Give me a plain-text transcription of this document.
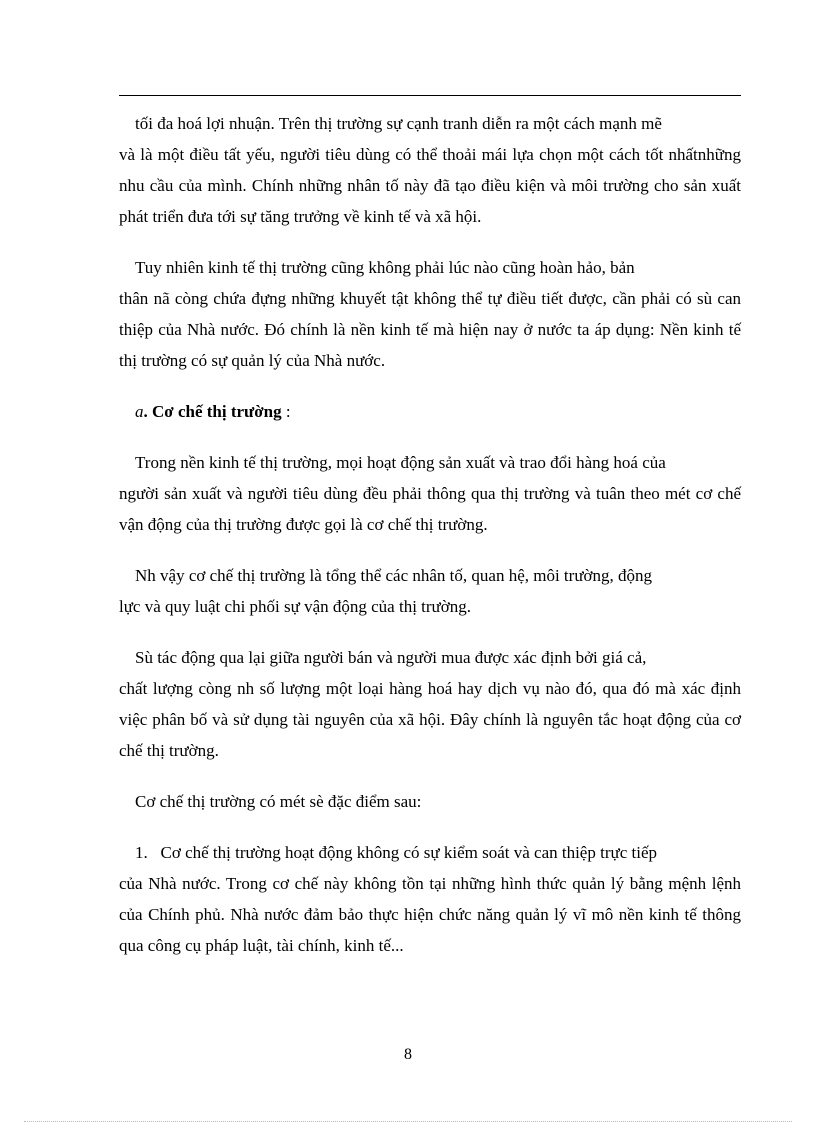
tối đa hoá lợi nhuận. Trên thị trường sự cạnh tranh diễn ra một cách mạnh mẽ
và là một điều tất yếu, người tiêu dùng có thể thoải mái lựa chọn một cách tốt nhấtnhững nhu cầu của mình. Chính những nhân tố này đã tạo điều kiện và môi trường cho sản xuất phát triển đưa tới sự tăng trưởng về kinh tế và xã hội.
Tuy nhiên kinh tế thị trường cũng không phải lúc nào cũng hoàn hảo, bản
thân nã còng chứa đựng những khuyết tật không thể tự điều tiết được, cần phải có sù can thiệp của Nhà nước. Đó chính là nền kinh tế mà hiện nay ở nước ta áp dụng: Nền kinh tế thị trường có sự quản lý của Nhà nước.
a. Cơ chế thị trường :
Trong nền kinh tế thị trường, mọi hoạt động sản xuất và trao đổi hàng hoá của
người sản xuất và người tiêu dùng đều phải thông qua thị trường và tuân theo mét cơ chế vận động của thị trường được gọi là cơ chế thị trường.
Nh vậy cơ chế thị trường là tổng thể các nhân tố, quan hệ, môi trường, động
lực và quy luật chi phối sự vận động của thị trường.
Sù tác động qua lại giữa người bán và người mua được xác định bởi giá cả,
chất lượng còng nh số lượng một loại hàng hoá hay dịch vụ nào đó, qua đó mà xác định việc phân bố và sử dụng tài nguyên của xã hội. Đây chính là nguyên tắc hoạt động của cơ chế thị trường.
Cơ chế thị trường có mét sè đặc điểm sau:
1. Cơ chế thị trường hoạt động không có sự kiểm soát và can thiệp trực tiếp
của Nhà nước. Trong cơ chế này không tồn tại những hình thức quản lý bằng mệnh lệnh của Chính phủ. Nhà nước đảm bảo thực hiện chức năng quản lý vĩ mô nền kinh tế thông qua công cụ pháp luật, tài chính, kinh tế...
8
